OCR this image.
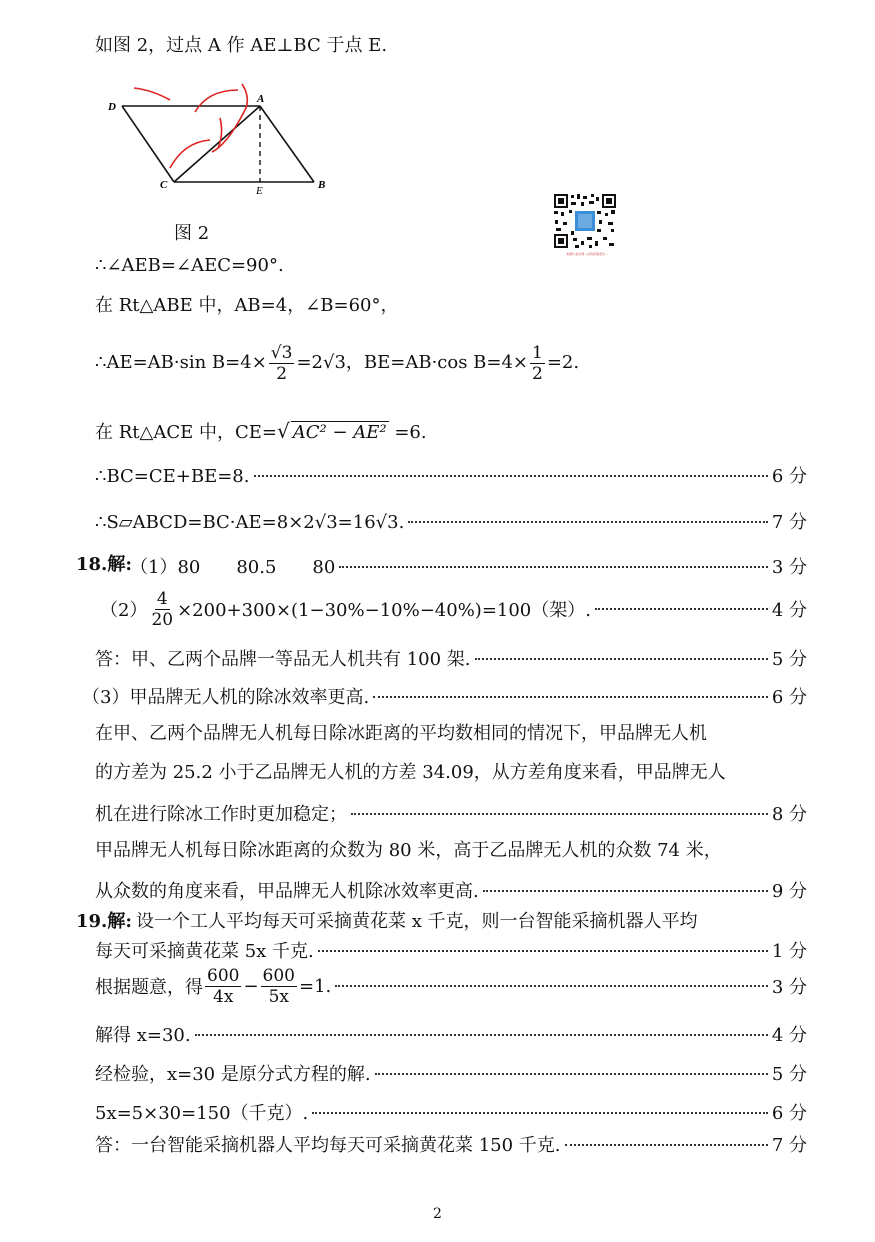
如图 2，过点 A 作 AE⊥BC 于点 E.
D
A
C	E	B
图 2
本图片来自网...扫码获取更多...
∴∠AEB=∠AEC=90°.
在 Rt△ABE 中，AB=4，∠B=60°，
∴AE=AB·sin $B=4\times \frac{√3}{2} =2√3$，BE=AB·cos $B=4\times \frac{1}{2} =2$.
在 Rt△ACE 中，CE=√ AC² − AE² =6.
∴BC=CE+BE=8.	6 分
∴S▱ABCD=BC·AE=8×2√3=16√3.	7 分
18.解:
（1）80　　80.5　　80	3 分
$(2) \frac{4}{20} \times 200+300\times(1-30\%-10\%-40\%)=100$（架）.	4 分
答：甲、乙两个品牌一等品无人机共有 100 架.	5 分
（3）甲品牌无人机的除冰效率更高.	6 分
在甲、乙两个品牌无人机每日除冰距离的平均数相同的情况下，甲品牌无人机
的方差为 25.2 小于乙品牌无人机的方差 34.09，从方差角度来看，甲品牌无人
机在进行除冰工作时更加稳定；	8 分
甲品牌无人机每日除冰距离的众数为 80 米，高于乙品牌无人机的众数 74 米，
从众数的角度来看，甲品牌无人机除冰效率更高.	9 分
19.解: 设一个工人平均每天可采摘黄花菜 x 千克，则一台智能采摘机器人平均
每天可采摘黄花菜 5x 千克.	1 分
根据题意，得 $\frac{600}{4x} - \frac{600}{5x} =1$.	3 分
解得 x=30.	4 分
经检验，x=30 是原分式方程的解.	5 分
5x=5×30=150（千克）.	6 分
答：一台智能采摘机器人平均每天可采摘黄花菜 150 千克.	7 分
2
